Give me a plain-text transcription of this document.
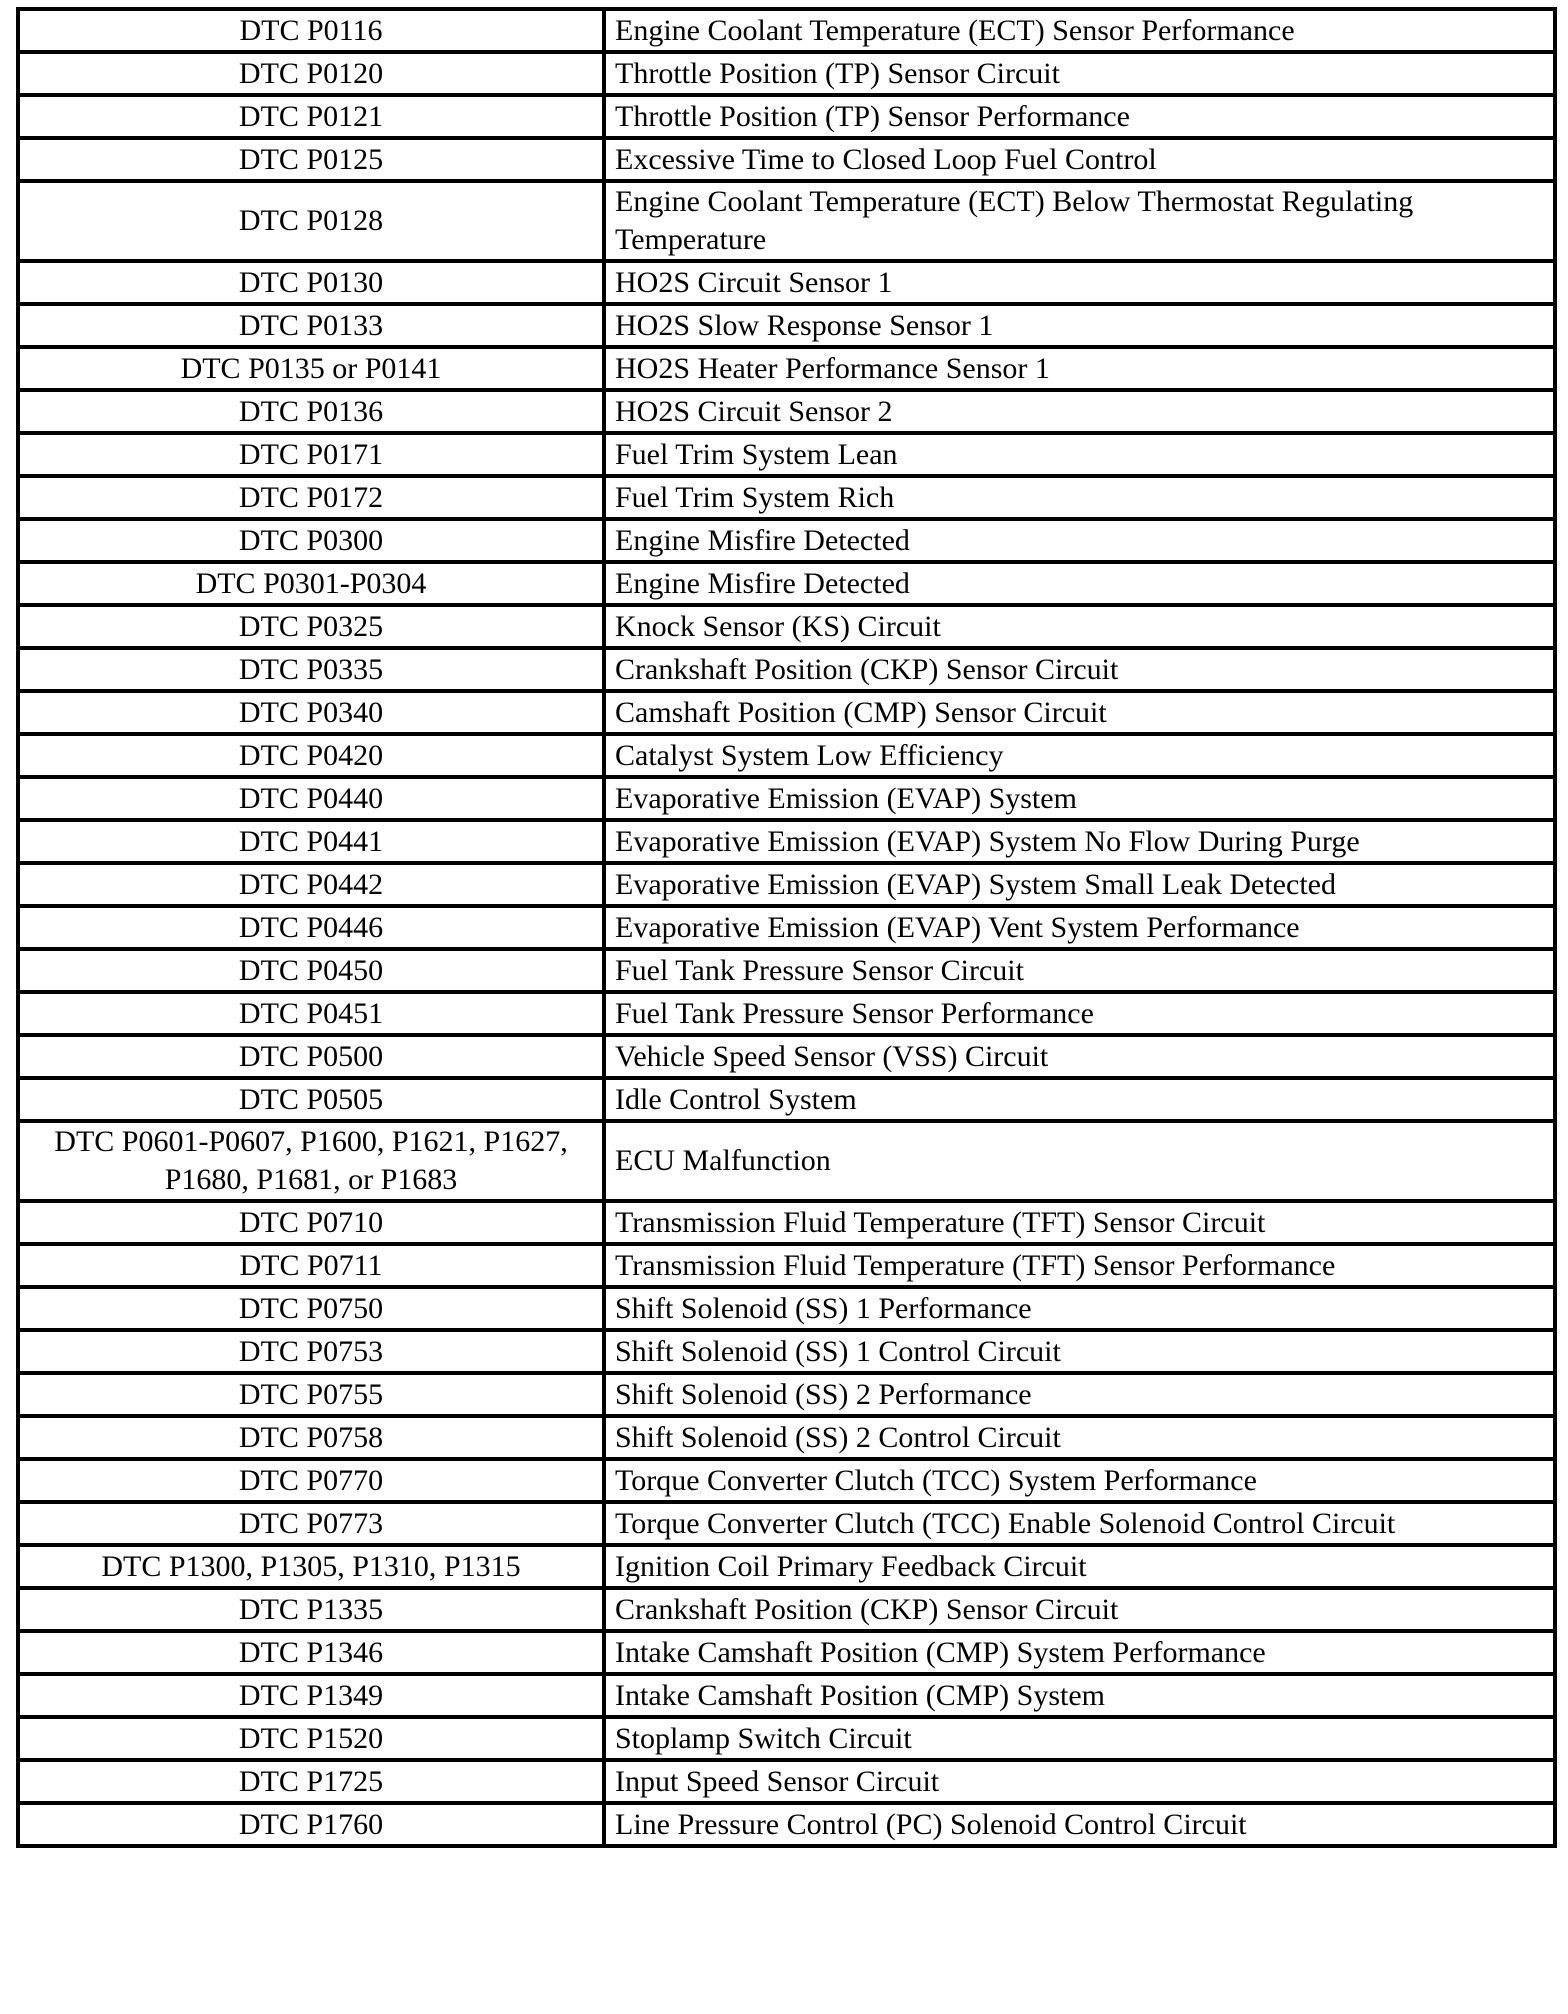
DTC P0116	Engine Coolant Temperature (ECT) Sensor Performance
DTC P0120	Throttle Position (TP) Sensor Circuit
DTC P0121	Throttle Position (TP) Sensor Performance
DTC P0125	Excessive Time to Closed Loop Fuel Control
DTC P0128	Engine Coolant Temperature (ECT) Below Thermostat Regulating Temperature
DTC P0130	HO2S Circuit Sensor 1
DTC P0133	HO2S Slow Response Sensor 1
DTC P0135 or P0141	HO2S Heater Performance Sensor 1
DTC P0136	HO2S Circuit Sensor 2
DTC P0171	Fuel Trim System Lean
DTC P0172	Fuel Trim System Rich
DTC P0300	Engine Misfire Detected
DTC P0301-P0304	Engine Misfire Detected
DTC P0325	Knock Sensor (KS) Circuit
DTC P0335	Crankshaft Position (CKP) Sensor Circuit
DTC P0340	Camshaft Position (CMP) Sensor Circuit
DTC P0420	Catalyst System Low Efficiency
DTC P0440	Evaporative Emission (EVAP) System
DTC P0441	Evaporative Emission (EVAP) System No Flow During Purge
DTC P0442	Evaporative Emission (EVAP) System Small Leak Detected
DTC P0446	Evaporative Emission (EVAP) Vent System Performance
DTC P0450	Fuel Tank Pressure Sensor Circuit
DTC P0451	Fuel Tank Pressure Sensor Performance
DTC P0500	Vehicle Speed Sensor (VSS) Circuit
DTC P0505	Idle Control System
DTC P0601-P0607, P1600, P1621, P1627, P1680, P1681, or P1683	ECU Malfunction
DTC P0710	Transmission Fluid Temperature (TFT) Sensor Circuit
DTC P0711	Transmission Fluid Temperature (TFT) Sensor Performance
DTC P0750	Shift Solenoid (SS) 1 Performance
DTC P0753	Shift Solenoid (SS) 1 Control Circuit
DTC P0755	Shift Solenoid (SS) 2 Performance
DTC P0758	Shift Solenoid (SS) 2 Control Circuit
DTC P0770	Torque Converter Clutch (TCC) System Performance
DTC P0773	Torque Converter Clutch (TCC) Enable Solenoid Control Circuit
DTC P1300, P1305, P1310, P1315	Ignition Coil Primary Feedback Circuit
DTC P1335	Crankshaft Position (CKP) Sensor Circuit
DTC P1346	Intake Camshaft Position (CMP) System Performance
DTC P1349	Intake Camshaft Position (CMP) System
DTC P1520	Stoplamp Switch Circuit
DTC P1725	Input Speed Sensor Circuit
DTC P1760	Line Pressure Control (PC) Solenoid Control Circuit
